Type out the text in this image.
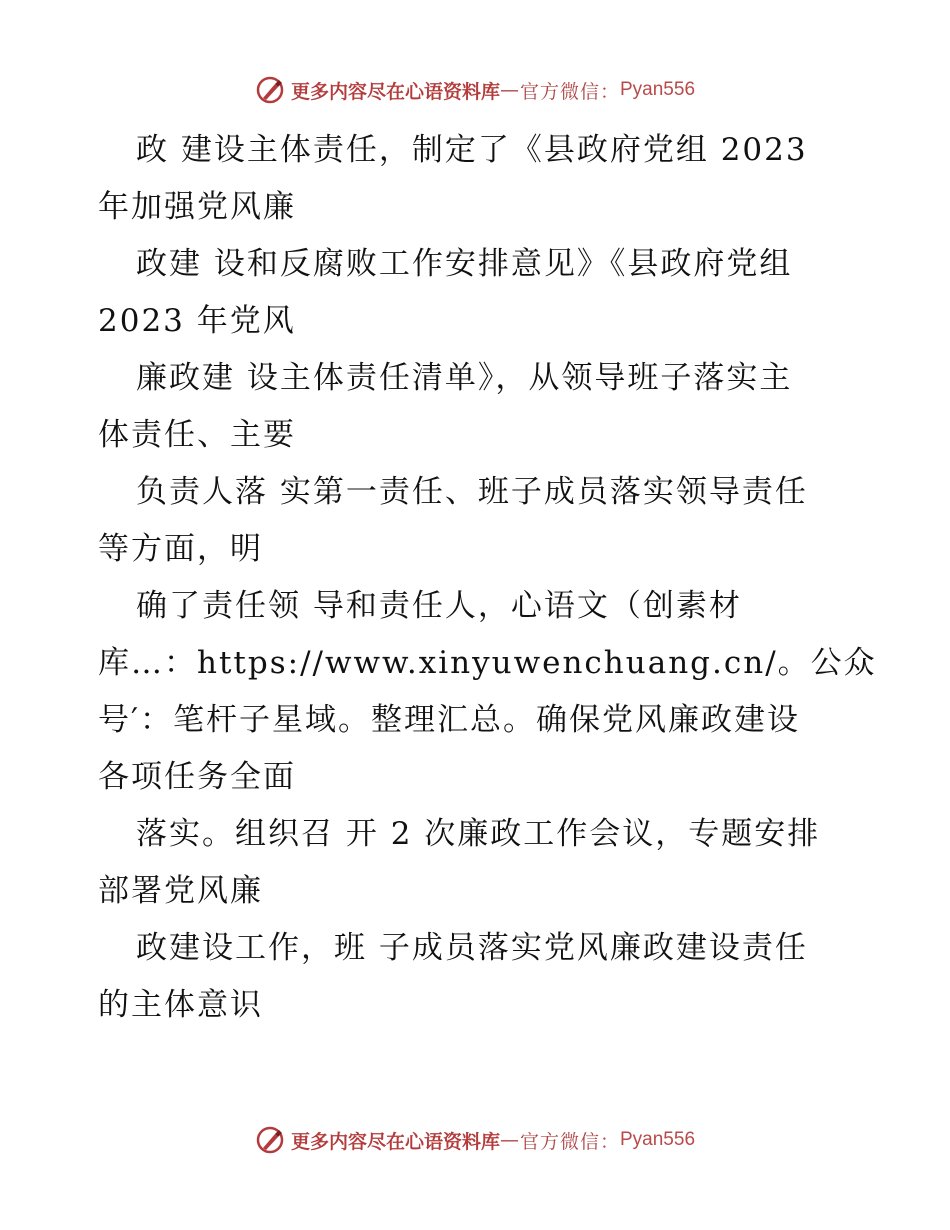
更多内容尽在心语资料库 — 官方微信： Pyan556
政 建设主体责任，制定了《县政府党组 2023
年加强党风廉
政建 设和反腐败工作安排意见》《县政府党组
2023 年党风
廉政建 设主体责任清单》，从领导班子落实主
体责任、主要
负责人落 实第一责任、班子成员落实领导责任
等方面，明
确了责任领 导和责任人，心语文（创素材
库…：https://www.xinyuwenchuang.cn/。公众
号′：笔杆子星域。整理汇总。确保党风廉政建设
各项任务全面
落实。组织召 开 2 次廉政工作会议，专题安排
部署党风廉
政建设工作，班 子成员落实党风廉政建设责任
的主体意识
更多内容尽在心语资料库 — 官方微信： Pyan556
